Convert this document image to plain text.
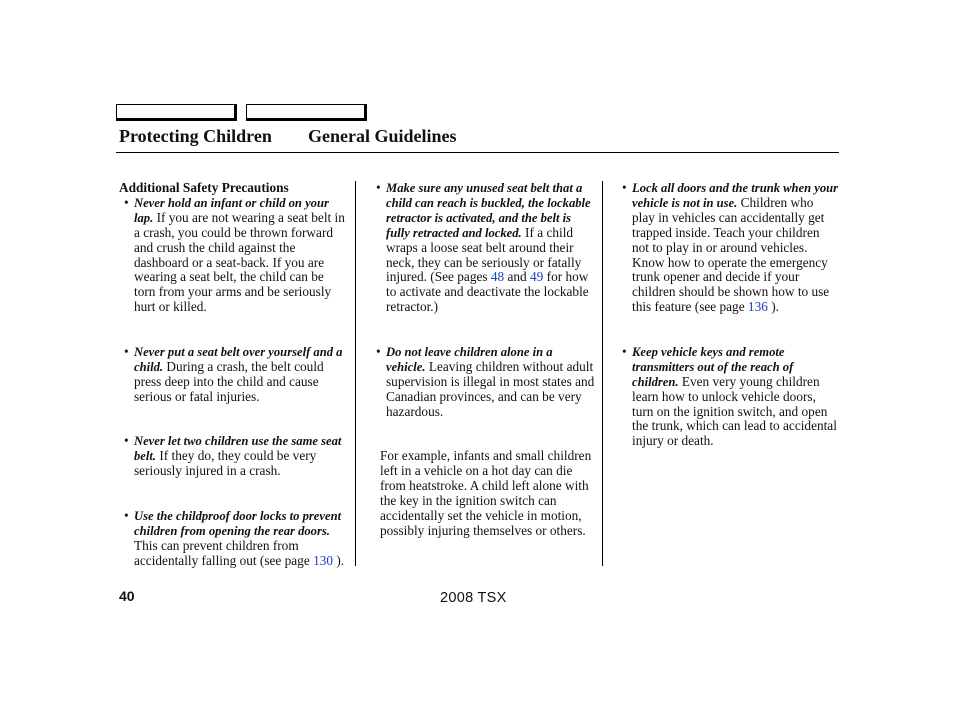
Protecting Children General Guidelines
Additional Safety Precautions

• Never hold an infant or child on your lap. If you are not wearing a seat belt in a crash, you could be thrown forward and crush the child against the dashboard or a seat-back. If you are wearing a seat belt, the child can be torn from your arms and be seriously hurt or killed.

• Never put a seat belt over yourself and a child. During a crash, the belt could press deep into the child and cause serious or fatal injuries.

• Never let two children use the same seat belt. If they do, they could be very seriously injured in a crash.

• Use the childproof door locks to prevent children from opening the rear doors. This can prevent children from accidentally falling out (see page 130 ).

• Make sure any unused seat belt that a child can reach is buckled, the lockable retractor is activated, and the belt is fully retracted and locked. If a child wraps a loose seat belt around their neck, they can be seriously or fatally injured. (See pages 48 and 49 for how to activate and deactivate the lockable retractor.)

• Do not leave children alone in a vehicle. Leaving children without adult supervision is illegal in most states and Canadian provinces, and can be very hazardous.

For example, infants and small children left in a vehicle on a hot day can die from heatstroke. A child left alone with the key in the ignition switch can accidentally set the vehicle in motion, possibly injuring themselves or others.

• Lock all doors and the trunk when your vehicle is not in use. Children who play in vehicles can accidentally get trapped inside. Teach your children not to play in or around vehicles. Know how to operate the emergency trunk opener and decide if your children should be shown how to use this feature (see page 136 ).

• Keep vehicle keys and remote transmitters out of the reach of children. Even very young children learn how to unlock vehicle doors, turn on the ignition switch, and open the trunk, which can lead to accidental injury or death.

40	2008 TSX
